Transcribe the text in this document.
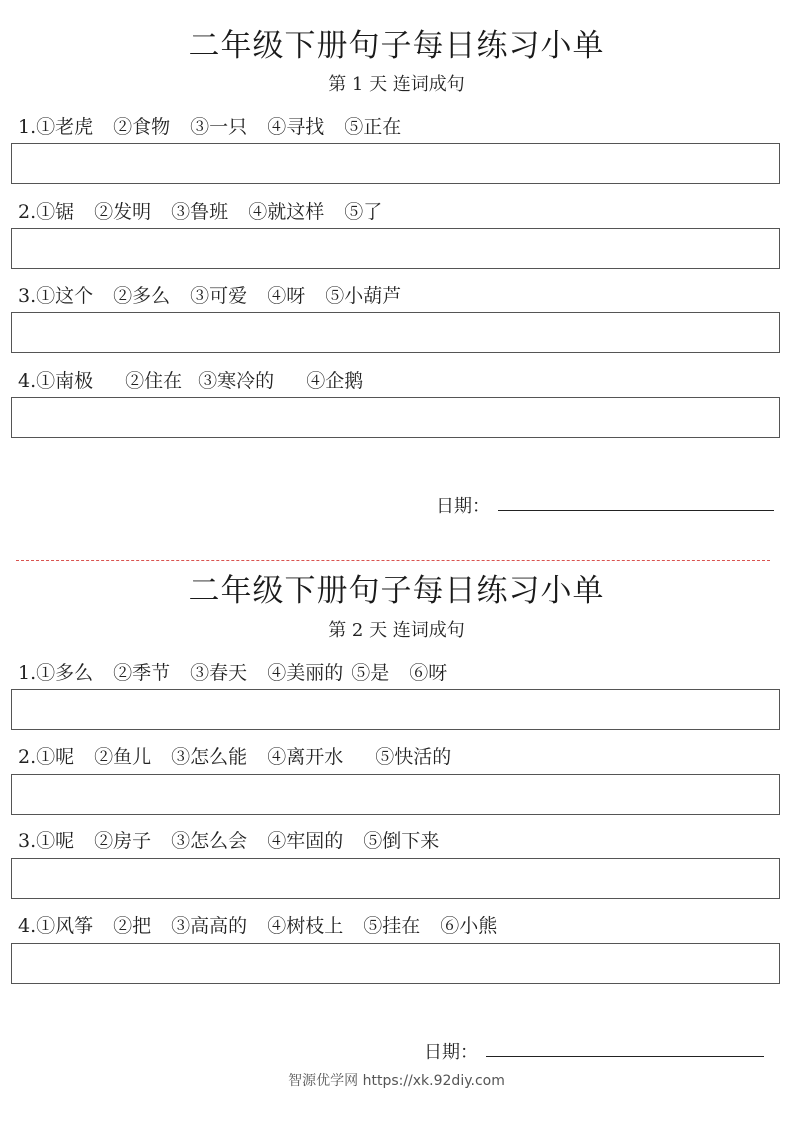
二年级下册句子每日练习小单
第 1 天 连词成句
1.①老虎 ②食物 ③一只 ④寻找 ⑤正在
2.①锯 ②发明 ③鲁班 ④就这样 ⑤了
3.①这个 ②多么 ③可爱 ④呀 ⑤小葫芦
4.①南极 ②住在 ③寒冷的 ④企鹅
日期：
二年级下册句子每日练习小单
第 2 天 连词成句
1.①多么 ②季节 ③春天 ④美丽的 ⑤是 ⑥呀
2.①呢 ②鱼儿 ③怎么能 ④离开水 ⑤快活的
3.①呢 ②房子 ③怎么会 ④牢固的 ⑤倒下来
4.①风筝 ②把 ③高高的 ④树枝上 ⑤挂在 ⑥小熊
日期：
智源优学网 https://xk.92diy.com
